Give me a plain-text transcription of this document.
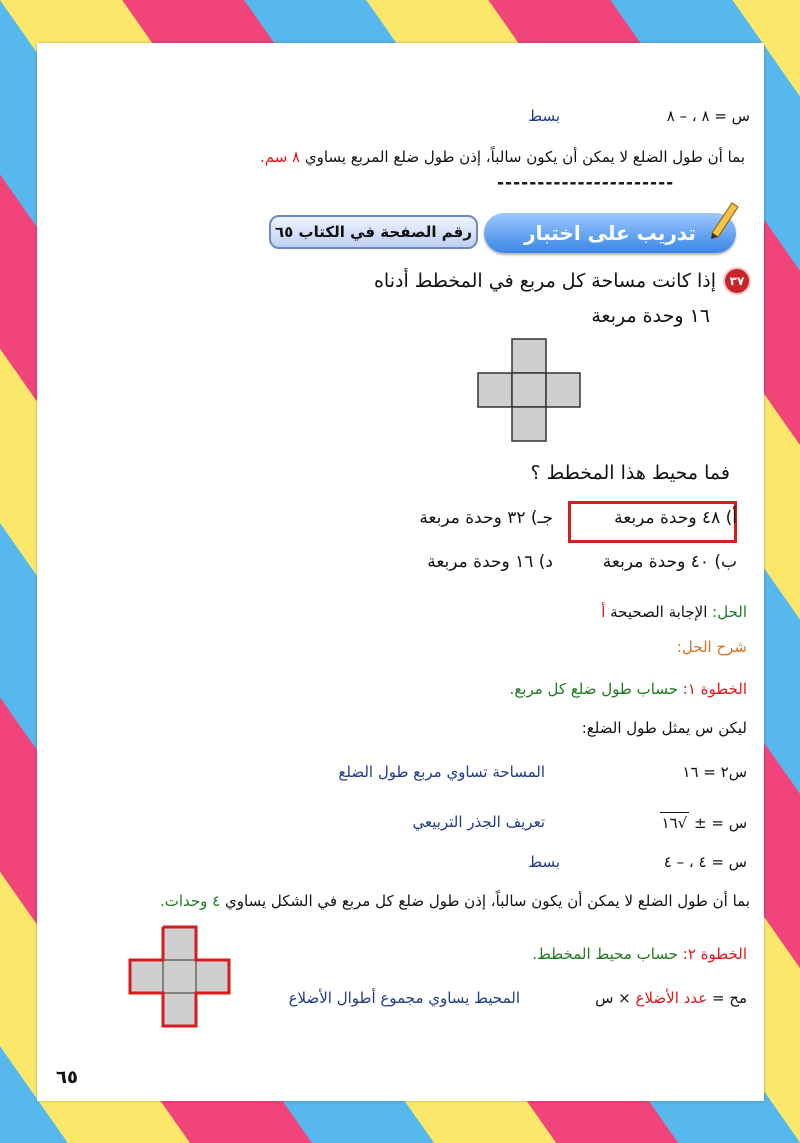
س = ٨ ، – ٨
بسط
بما أن طول الضلع لا يمكن أن يكون سالباً، إذن طول ضلع المربع يساوي ٨ سم.
----------------------
رقم الصفحة في الكتاب ٦٥	تدريب على اختبار
٣٧
إذا كانت مساحة كل مربع في المخطط أدناه
١٦ وحدة مربعة
فما محيط هذا المخطط ؟
أ) ٤٨ وحدة مربعة
جـ) ٣٢ وحدة مربعة
ب) ٤٠ وحدة مربعة
د) ١٦ وحدة مربعة
الحل: الإجابة الصحيحة أ
شرح الحل:
الخطوة ١: حساب طول ضلع كل مربع.
ليكن س يمثل طول الضلع:
س٢ = ١٦
المساحة تساوي مربع طول الضلع
س = ± √١٦
تعريف الجذر التربيعي
س = ٤ ، – ٤
بسط
بما أن طول الضلع لا يمكن أن يكون سالباً، إذن طول ضلع كل مربع في الشكل يساوي ٤ وحدات.
الخطوة ٢: حساب محيط المخطط.
مح = عدد الأضلاع × س
المحيط يساوي مجموع أطوال الأضلاع
٦٥
